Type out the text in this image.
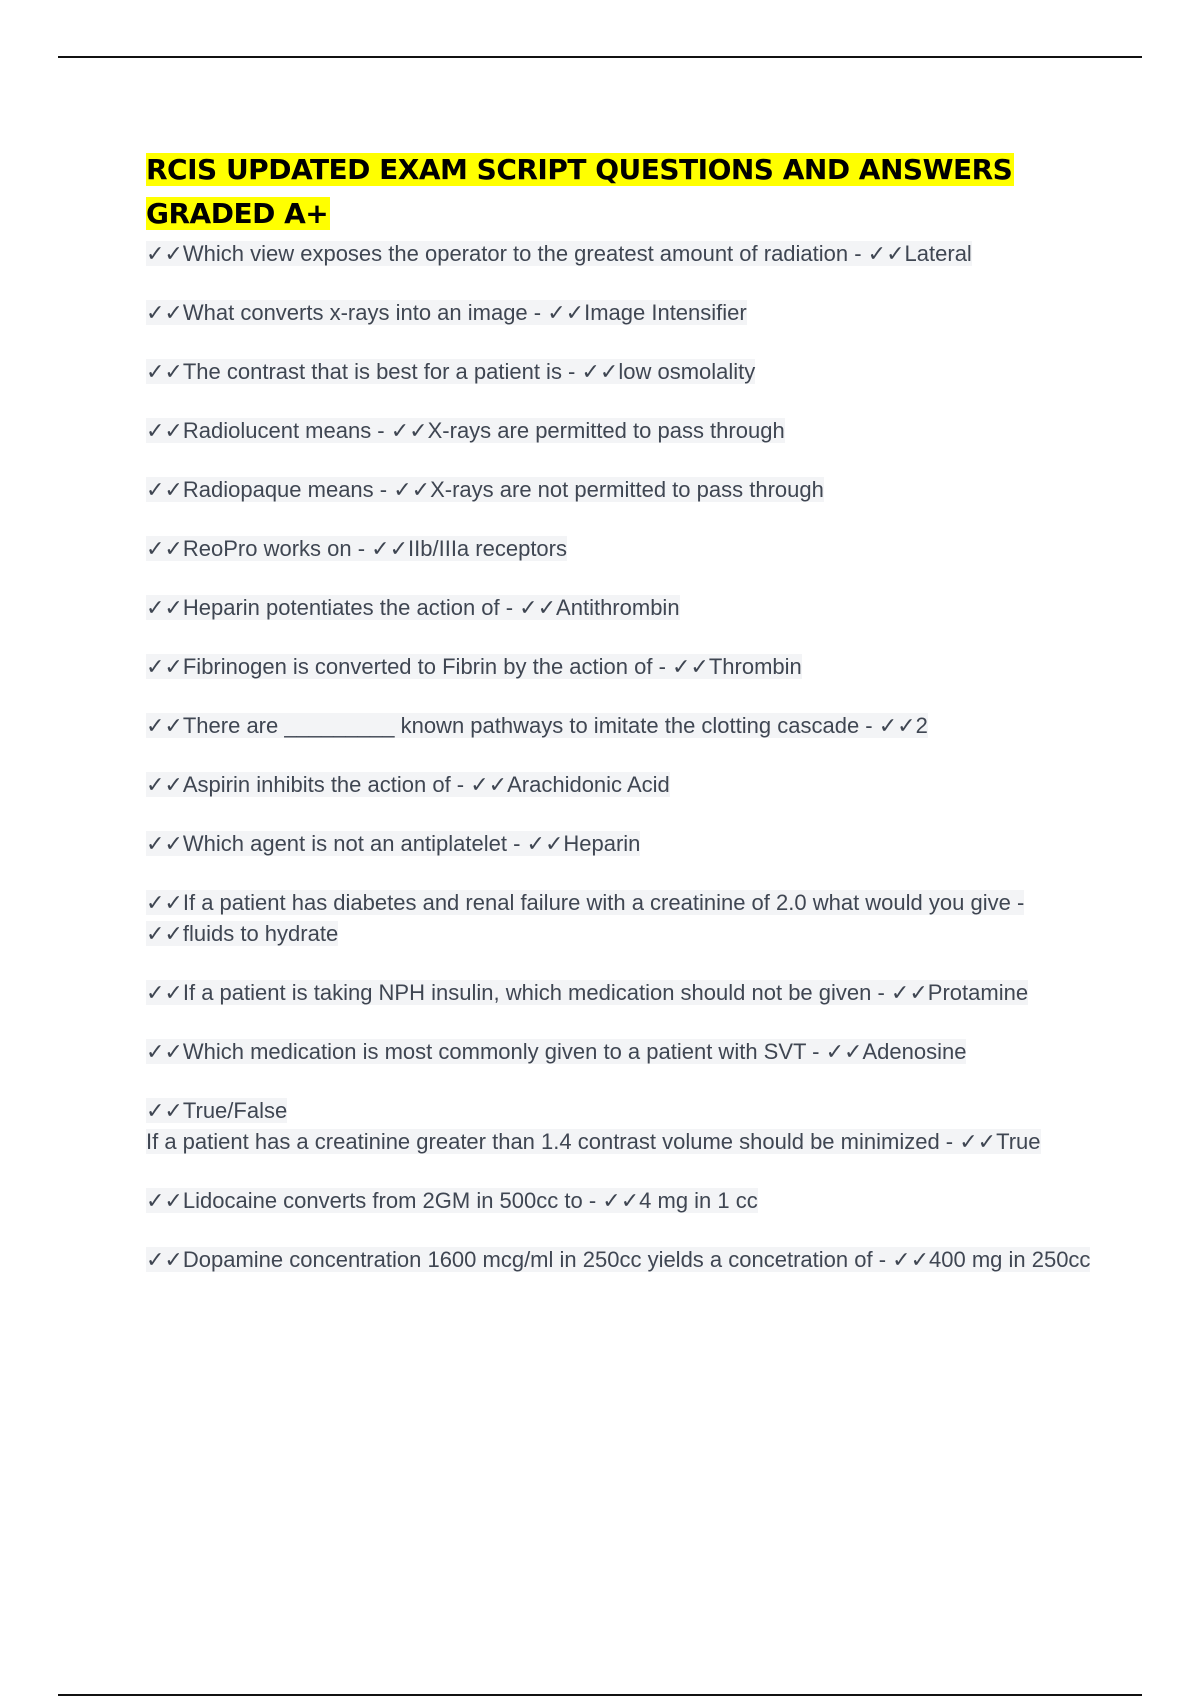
RCIS UPDATED EXAM SCRIPT QUESTIONS AND ANSWERS
GRADED A+
✓✓Which view exposes the operator to the greatest amount of radiation - ✓✓Lateral
✓✓What converts x-rays into an image - ✓✓Image Intensifier
✓✓The contrast that is best for a patient is - ✓✓low osmolality
✓✓Radiolucent means - ✓✓X-rays are permitted to pass through
✓✓Radiopaque means - ✓✓X-rays are not permitted to pass through
✓✓ReoPro works on - ✓✓IIb/IIIa receptors
✓✓Heparin potentiates the action of - ✓✓Antithrombin
✓✓Fibrinogen is converted to Fibrin by the action of - ✓✓Thrombin
✓✓There are _________ known pathways to imitate the clotting cascade - ✓✓2
✓✓Aspirin inhibits the action of - ✓✓Arachidonic Acid
✓✓Which agent is not an antiplatelet - ✓✓Heparin
✓✓If a patient has diabetes and renal failure with a creatinine of 2.0 what would you give - ✓✓fluids to hydrate
✓✓If a patient is taking NPH insulin, which medication should not be given - ✓✓Protamine
✓✓Which medication is most commonly given to a patient with SVT - ✓✓Adenosine
✓✓True/False
If a patient has a creatinine greater than 1.4 contrast volume should be minimized - ✓✓True
✓✓Lidocaine converts from 2GM in 500cc to - ✓✓4 mg in 1 cc
✓✓Dopamine concentration 1600 mcg/ml in 250cc yields a concetration of - ✓✓400 mg in 250cc
